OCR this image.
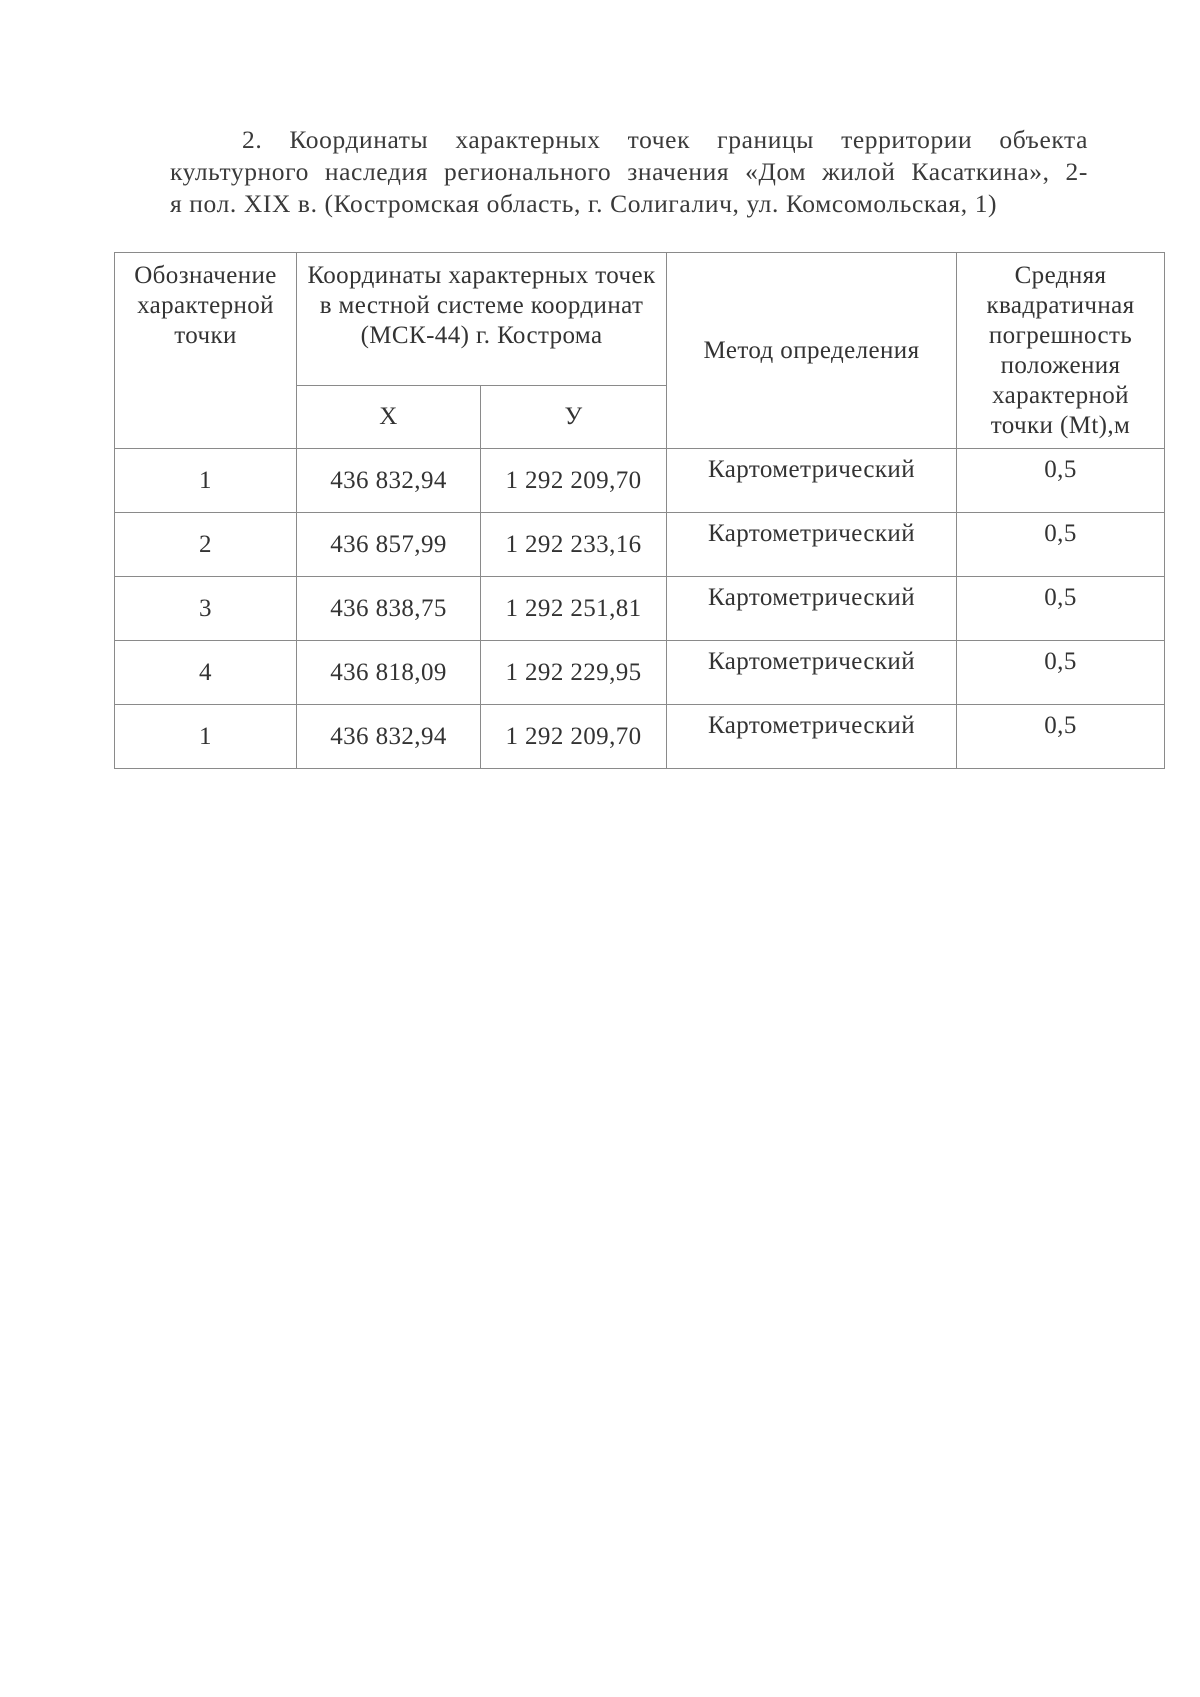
2. Координаты характерных точек границы территории объекта
культурного наследия регионального значения «Дом жилой Касаткина», 2-
я пол. XIX в. (Костромская область, г. Солигалич, ул. Комсомольская, 1)
Обозначение характерной точки	Координаты характерных точек в местной системе координат (МСК-44) г. Кострома		Метод определения	Средняя квадратичная погрешность положения характерной точки (Mt),м
	Х	У		
1	436 832,94	1 292 209,70	Картометрический	0,5
2	436 857,99	1 292 233,16	Картометрический	0,5
3	436 838,75	1 292 251,81	Картометрический	0,5
4	436 818,09	1 292 229,95	Картометрический	0,5
1	436 832,94	1 292 209,70	Картометрический	0,5
